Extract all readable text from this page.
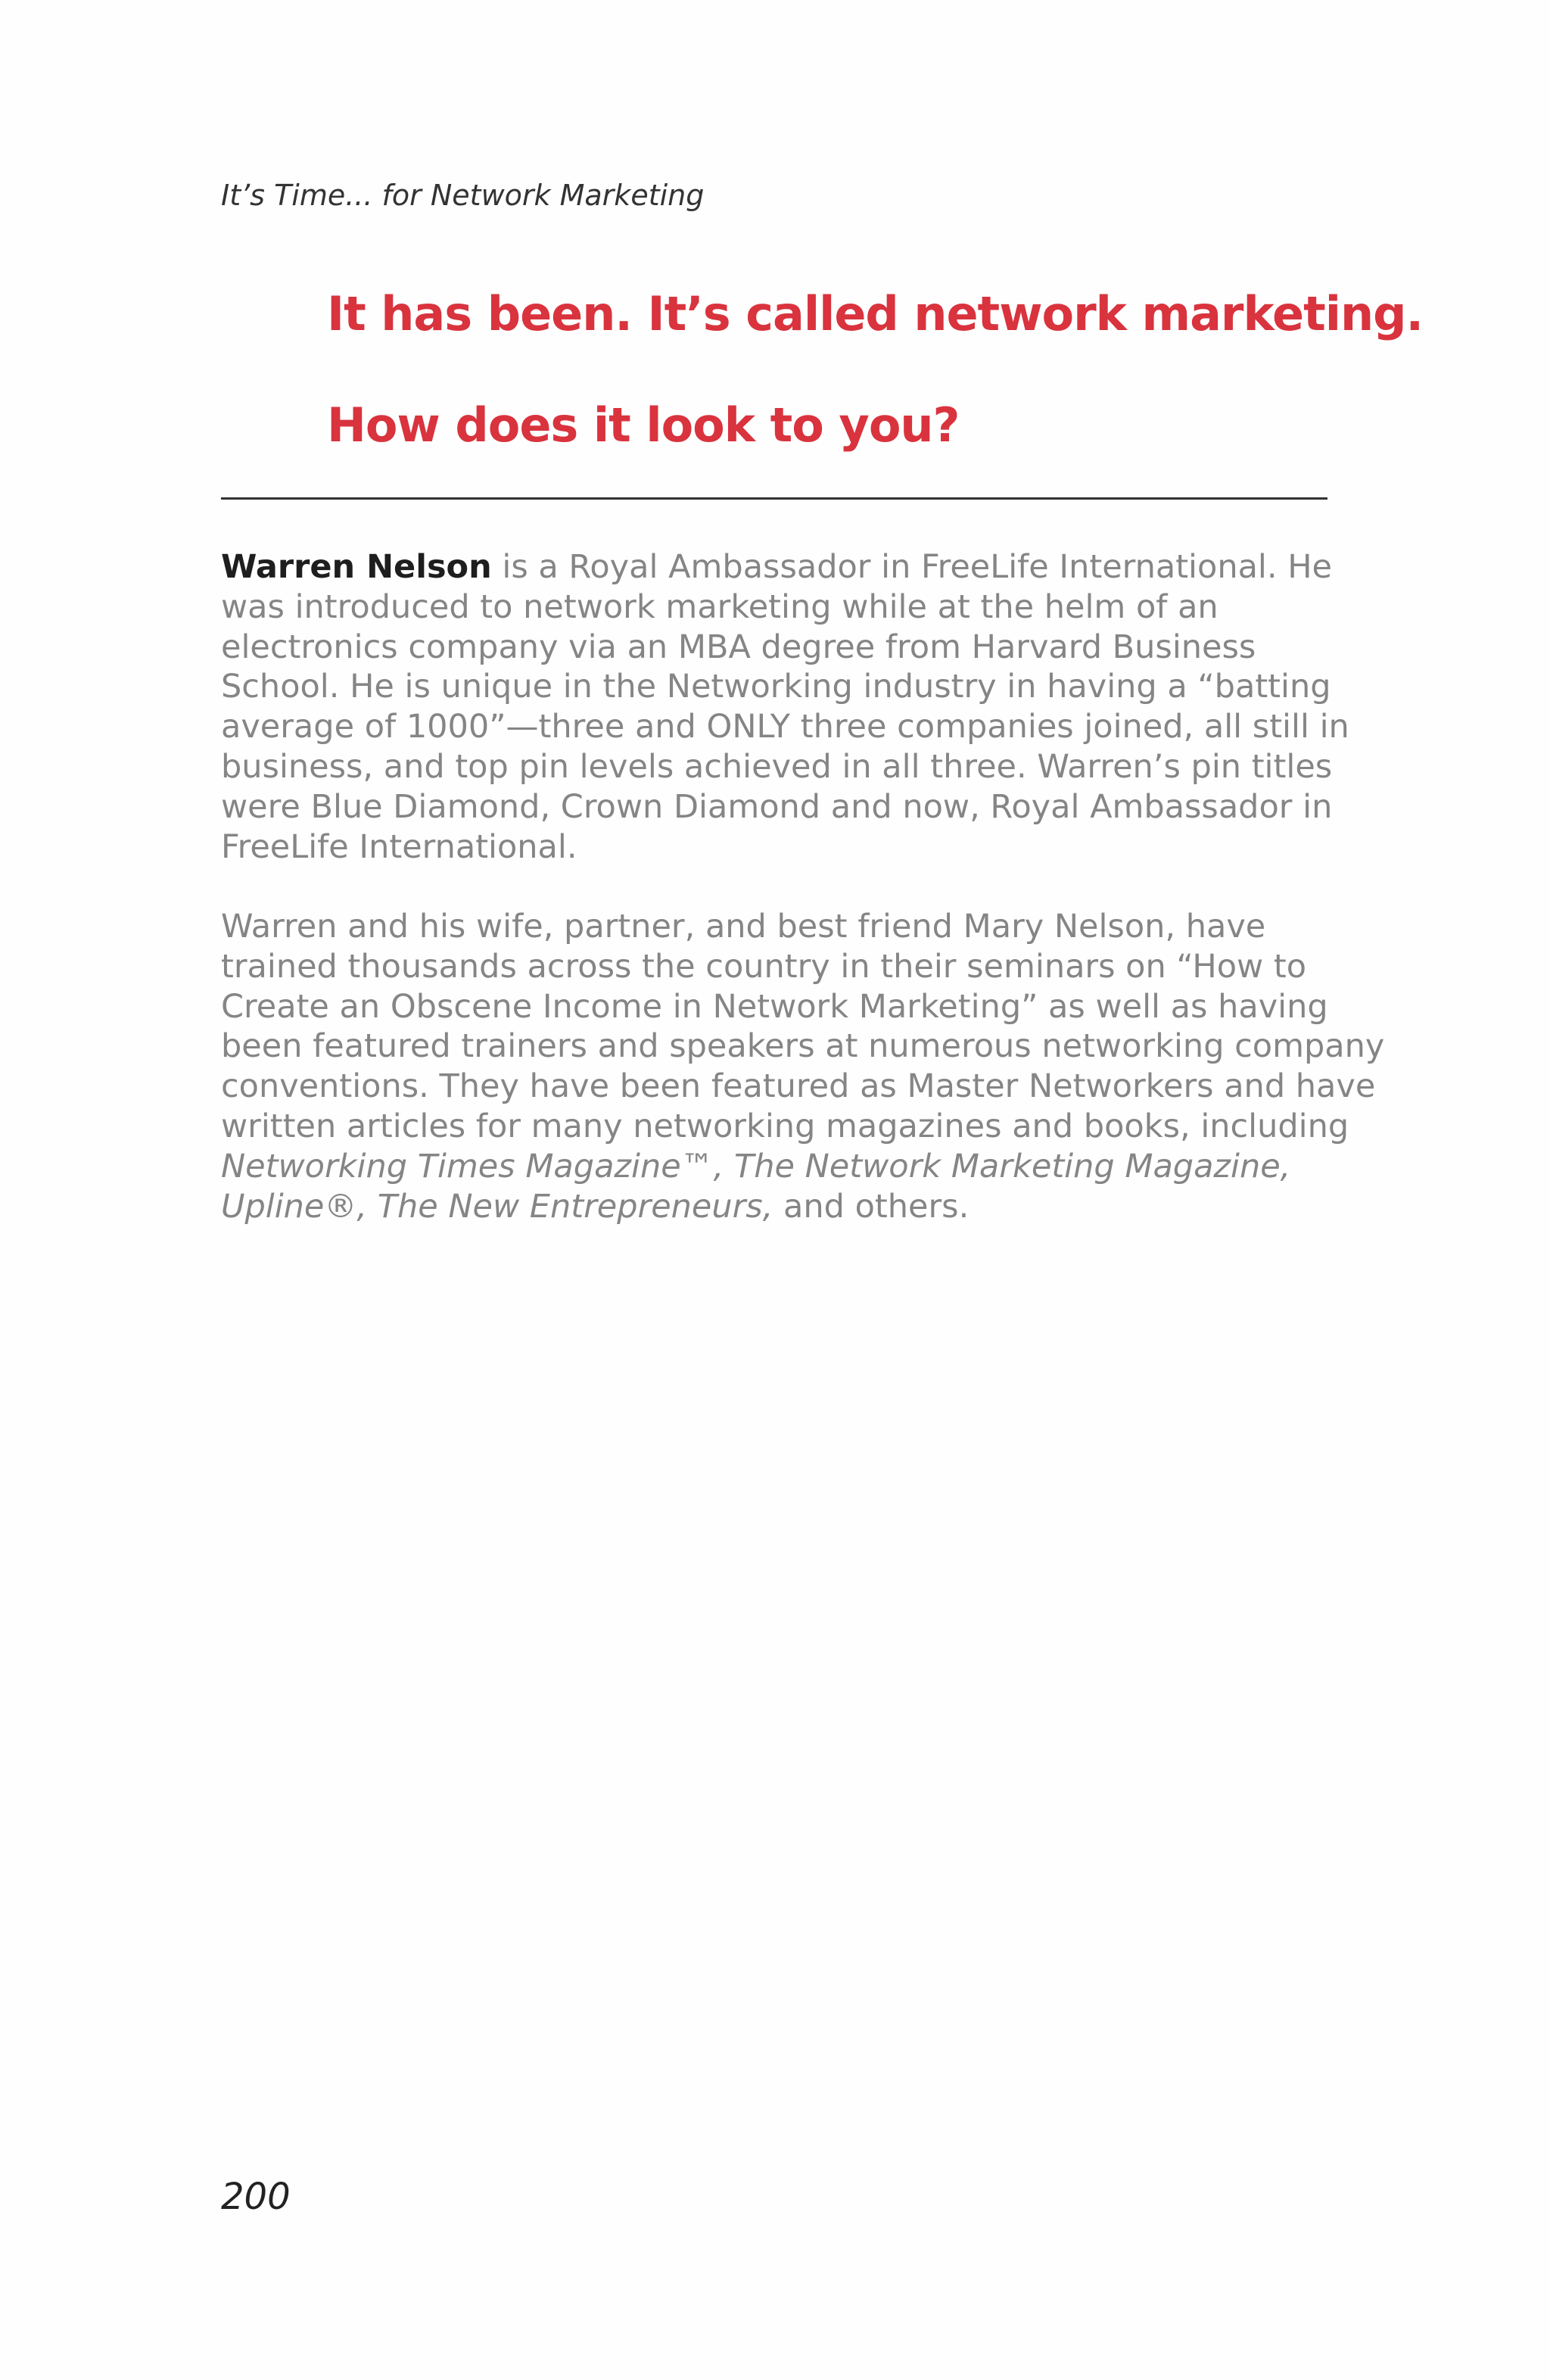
It’s Time... for Network Marketing
It has been. It’s called network marketing.
How does it look to you?

Warren Nelson is a Royal Ambassador in FreeLife International. He
was introduced to network marketing while at the helm of an
electronics company via an MBA degree from Harvard Business
School. He is unique in the Networking industry in having a “batting
average of 1000”—three and ONLY three companies joined, all still in
business, and top pin levels achieved in all three. Warren’s pin titles
were Blue Diamond, Crown Diamond and now, Royal Ambassador in
FreeLife International.

Warren and his wife, partner, and best friend Mary Nelson, have
trained thousands across the country in their seminars on “How to
Create an Obscene Income in Network Marketing” as well as having
been featured trainers and speakers at numerous networking company
conventions. They have been featured as Master Networkers and have
written articles for many networking magazines and books, including
Networking Times Magazine™, The Network Marketing Magazine,
Upline®, The New Entrepreneurs, and others.

200
